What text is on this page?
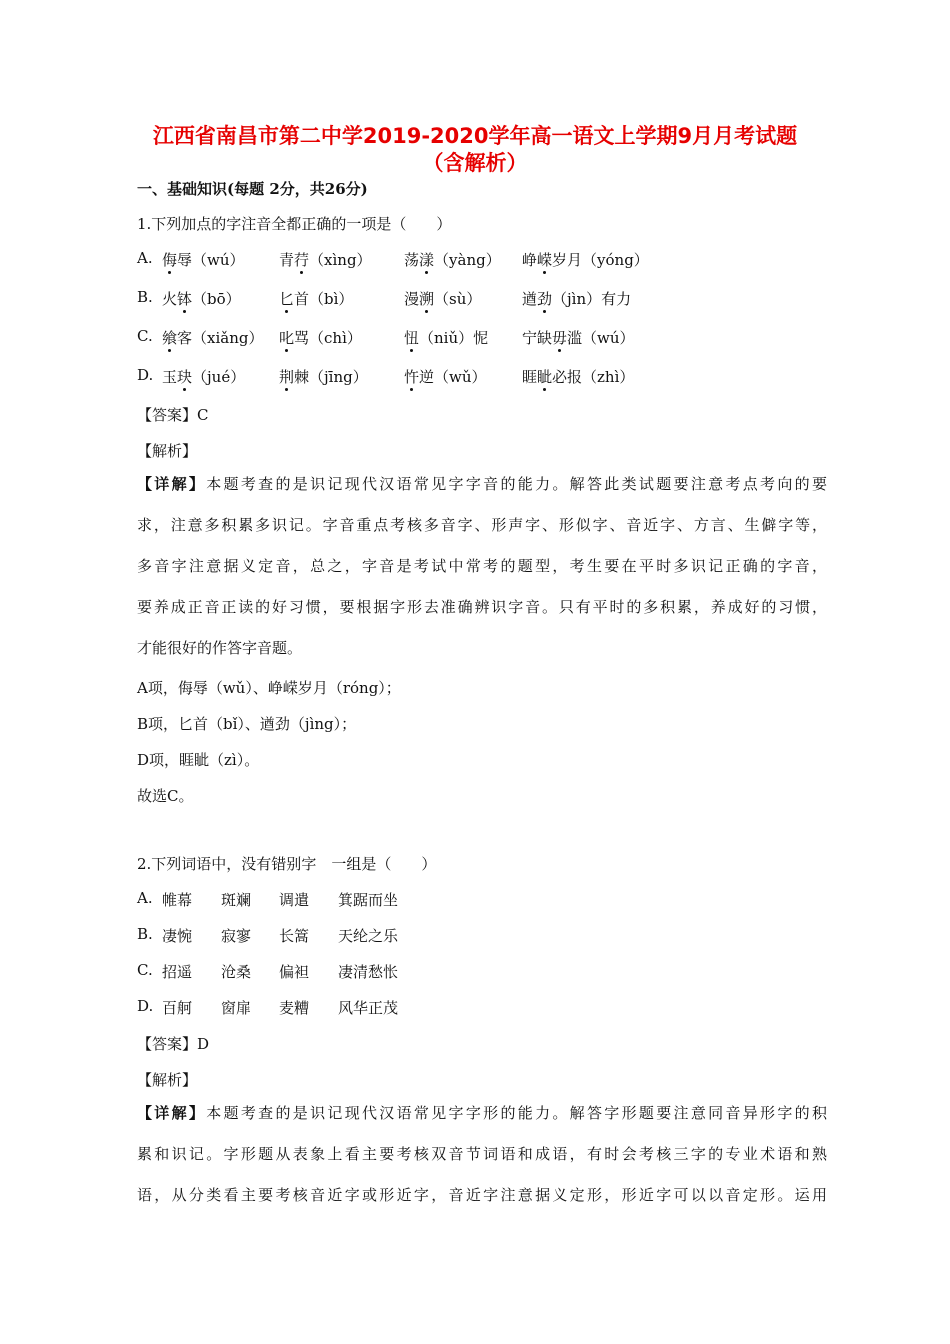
江西省南昌市第二中学2019-2020学年高一语文上学期9月月考试题
（含解析）
一、基础知识(每题 2分，共26分)
1.下列加点的字注音全都正确的一项是（　　）
A. 侮辱（wú） 青荇（xìng） 荡漾（yàng） 峥嵘岁月（yóng）
B. 火钵（bō）	匕首（bì）	漫溯（sù）	遒劲（jìn）有力
C. 飨客（xiǎng） 叱骂（chì）	忸（niǔ）怩 宁缺毋滥（wú）
D. 玉玦（jué） 荆棘（jīng） 忤逆（wǔ） 睚眦必报（zhì）
【答案】C
【解析】
【详解】本题考查的是识记现代汉语常见字字音的能力。解答此类试题要注意考点考向的要
求，注意多积累多识记。字音重点考核多音字、形声字、形似字、音近字、方言、生僻字等，
多音字注意据义定音，总之，字音是考试中常考的题型，考生要在平时多识记正确的字音，
要养成正音正读的好习惯，要根据字形去准确辨识字音。只有平时的多积累，养成好的习惯，
才能很好的作答字音题。
A项，侮辱（wǔ）、峥嵘岁月（róng）；
B项，匕首（bǐ）、遒劲（jìng）；
D项，睚眦（zì）。
故选C。
2.下列词语中，没有错别字　一组是（　　）
A. 帷幕 斑斓 调遣 箕踞而坐
B. 凄惋 寂寥 长篙 天纶之乐
C. 招遥 沧桑 偏袒 凄清愁怅
D. 百舸 窗扉 麦糟 风华正茂
【答案】D
【解析】
【详解】本题考查的是识记现代汉语常见字字形的能力。解答字形题要注意同音异形字的积
累和识记。字形题从表象上看主要考核双音节词语和成语，有时会考核三字的专业术语和熟
语，从分类看主要考核音近字或形近字，音近字注意据义定形，形近字可以以音定形。运用
